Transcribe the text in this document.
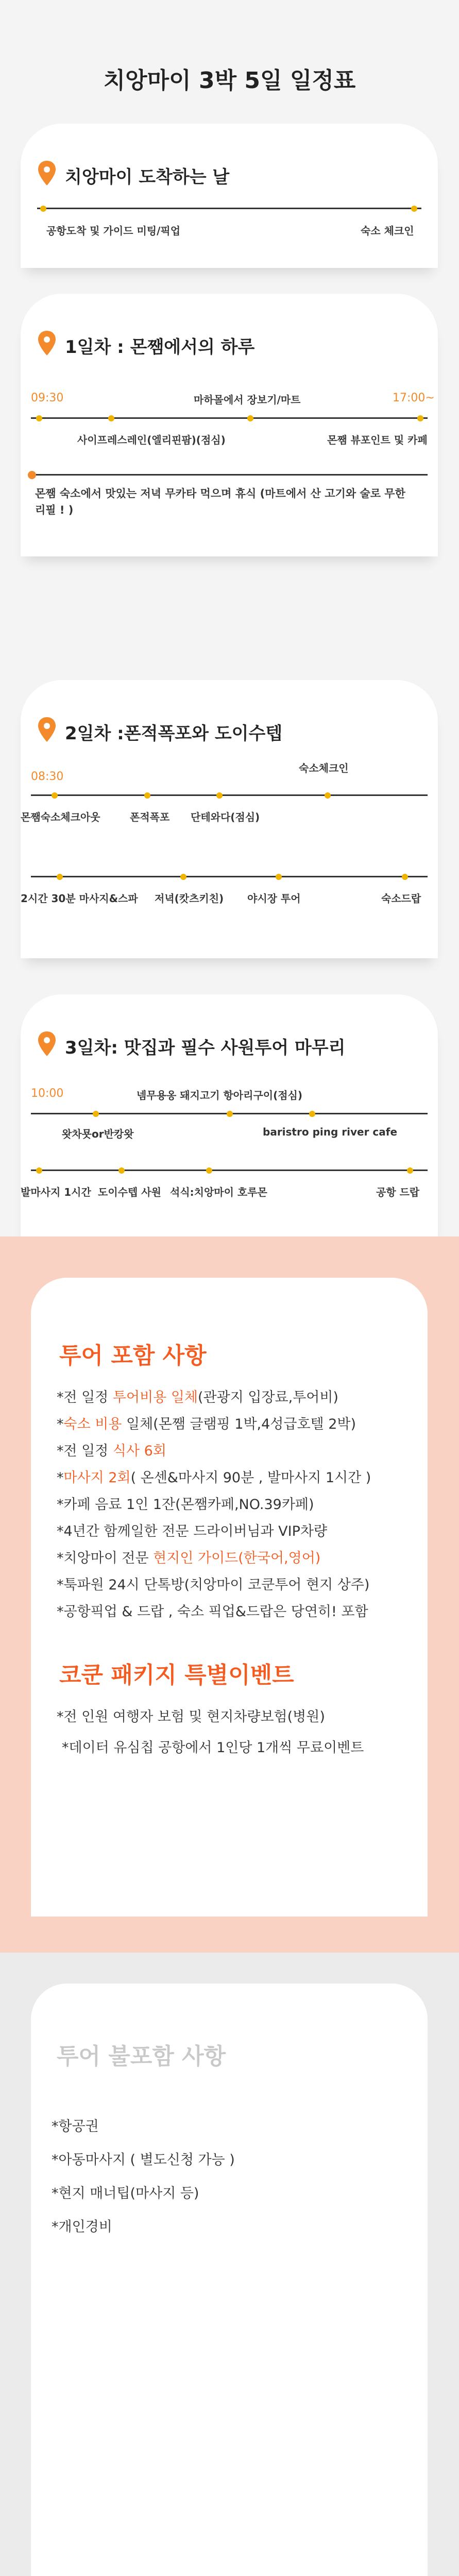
치앙마이 3박 5일 일정표
치앙마이 도착하는 날
공항도착 및 가이드 미팅/픽업	숙소 체크인
1일차 : 몬쨈에서의 하루
09:30	17:00~
마하몰에서 장보기/마트
사이프레스레인(엘리핀팜)(점심)	몬쨈 뷰포인트 및 카페
몬쨈 숙소에서 맛있는 저녁 무카타 먹으며 휴식 (마트에서 산 고기와 술로 무한 리필 ! )
2일차 :폰적폭포와 도이수텝
08:30
숙소체크인
몬쨈숙소체크아웃	폰적폭포 단테와다(점심)
2시간 30분 마사지&스파 저녁(캇츠키친) 야시장 투어	숙소드랍
3일차: 맛집과 필수 사원투어 마무리
10:00	넴무용옹 돼지고기 항아리구이(점심)
왓차묫or반캉왓	baristro ping river cafe
발마사지 1시간 도이수텝 사원 석식:치앙마이 호루몬	공항 드랍
투어 포함 사항
*전 일정 투어비용 일체(관광지 입장료,투어비)
*숙소 비용 일체(몬쨈 글램핑 1박,4성급호텔 2박)
*전 일정 식사 6회
*마사지 2회( 온센&마사지 90분 , 발마사지 1시간 )
*카페 음료 1인 1잔(몬쨈카페,NO.39카페)
*4년간 함께일한 전문 드라이버님과 VIP차량
*치앙마이 전문 현지인 가이드(한국어,영어)
*툭파원 24시 단톡방(치앙마이 코쿤투어 현지 상주)
*공항픽업 & 드랍 , 숙소 픽업&드랍은 당연히! 포함
코쿤 패키지 특별이벤트
*전 인원 여행자 보험 및 현지차량보험(병원)
*데이터 유심칩 공항에서 1인당 1개씩 무료이벤트
투어 불포함 사항
*항공권
*아동마사지 ( 별도신청 가능 )
*현지 매너팁(마사지 등)
*개인경비
